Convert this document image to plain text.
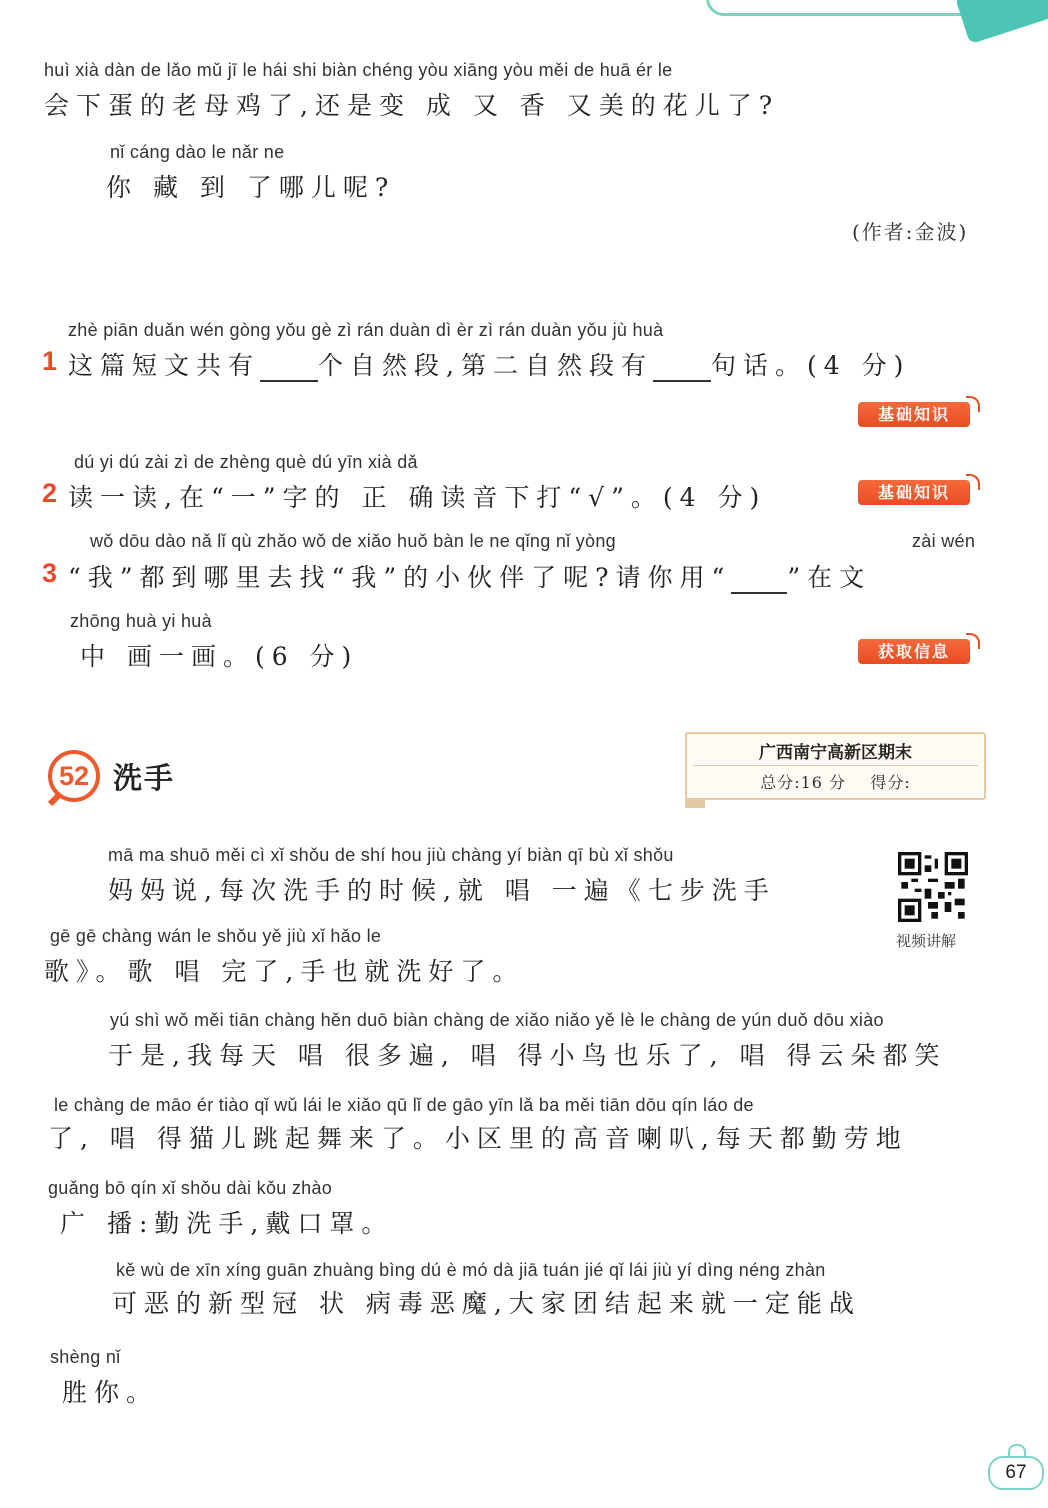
huì xià dàn de lǎo mǔ jī le hái shi biàn chéng yòu xiāng yòu měi de huā ér le
会下蛋的老母鸡了,还是变 成 又 香 又美的花儿了?
nǐ cáng dào le nǎr ne
你 藏 到 了哪儿呢?
(作者:金波)
zhè piān duǎn wén gòng yǒu gè zì rán duàn dì èr zì rán duàn yǒu jù huà
1 这篇短文共有 个自然段,第二自然段有 句话。(4 分)
基础知识
dú yi dú zài zì de zhèng què dú yīn xià dǎ
2 读一读,在“一”字的 正 确读音下打“√”。(4 分)	基础知识
wǒ dōu dào nǎ lǐ qù zhǎo wǒ de xiǎo huǒ bàn le ne qǐng nǐ yòng	zài wén
3 “我”都到哪里去找“我”的小伙伴了呢?请你用“ ”在文
zhōng huà yi huà
中 画一画。(6 分)	获取信息
52 洗手
广西南宁高新区期末
总分:16 分 得分:
视频讲解
mā ma shuō měi cì xǐ shǒu de shí hou jiù chàng yí biàn qī bù xǐ shǒu
妈妈说,每次洗手的时候,就 唱 一遍《七步洗手
gē gē chàng wán le shǒu yě jiù xǐ hǎo le
歌》。歌 唱 完了,手也就洗好了。
yú shì wǒ měi tiān chàng hěn duō biàn chàng de xiǎo niǎo yě lè le chàng de yún duǒ dōu xiào
于是,我每天 唱 很多遍, 唱 得小鸟也乐了, 唱 得云朵都笑
le chàng de māo ér tiào qǐ wǔ lái le xiǎo qū lǐ de gāo yīn lǎ ba měi tiān dōu qín láo de
了, 唱 得猫儿跳起舞来了。小区里的高音喇叭,每天都勤劳地
guǎng bō qín xǐ shǒu dài kǒu zhào
广 播:勤洗手,戴口罩。
kě wù de xīn xíng guān zhuàng bìng dú è mó dà jiā tuán jié qǐ lái jiù yí dìng néng zhàn
可恶的新型冠 状 病毒恶魔,大家团结起来就一定能战
shèng nǐ
胜你。
67
